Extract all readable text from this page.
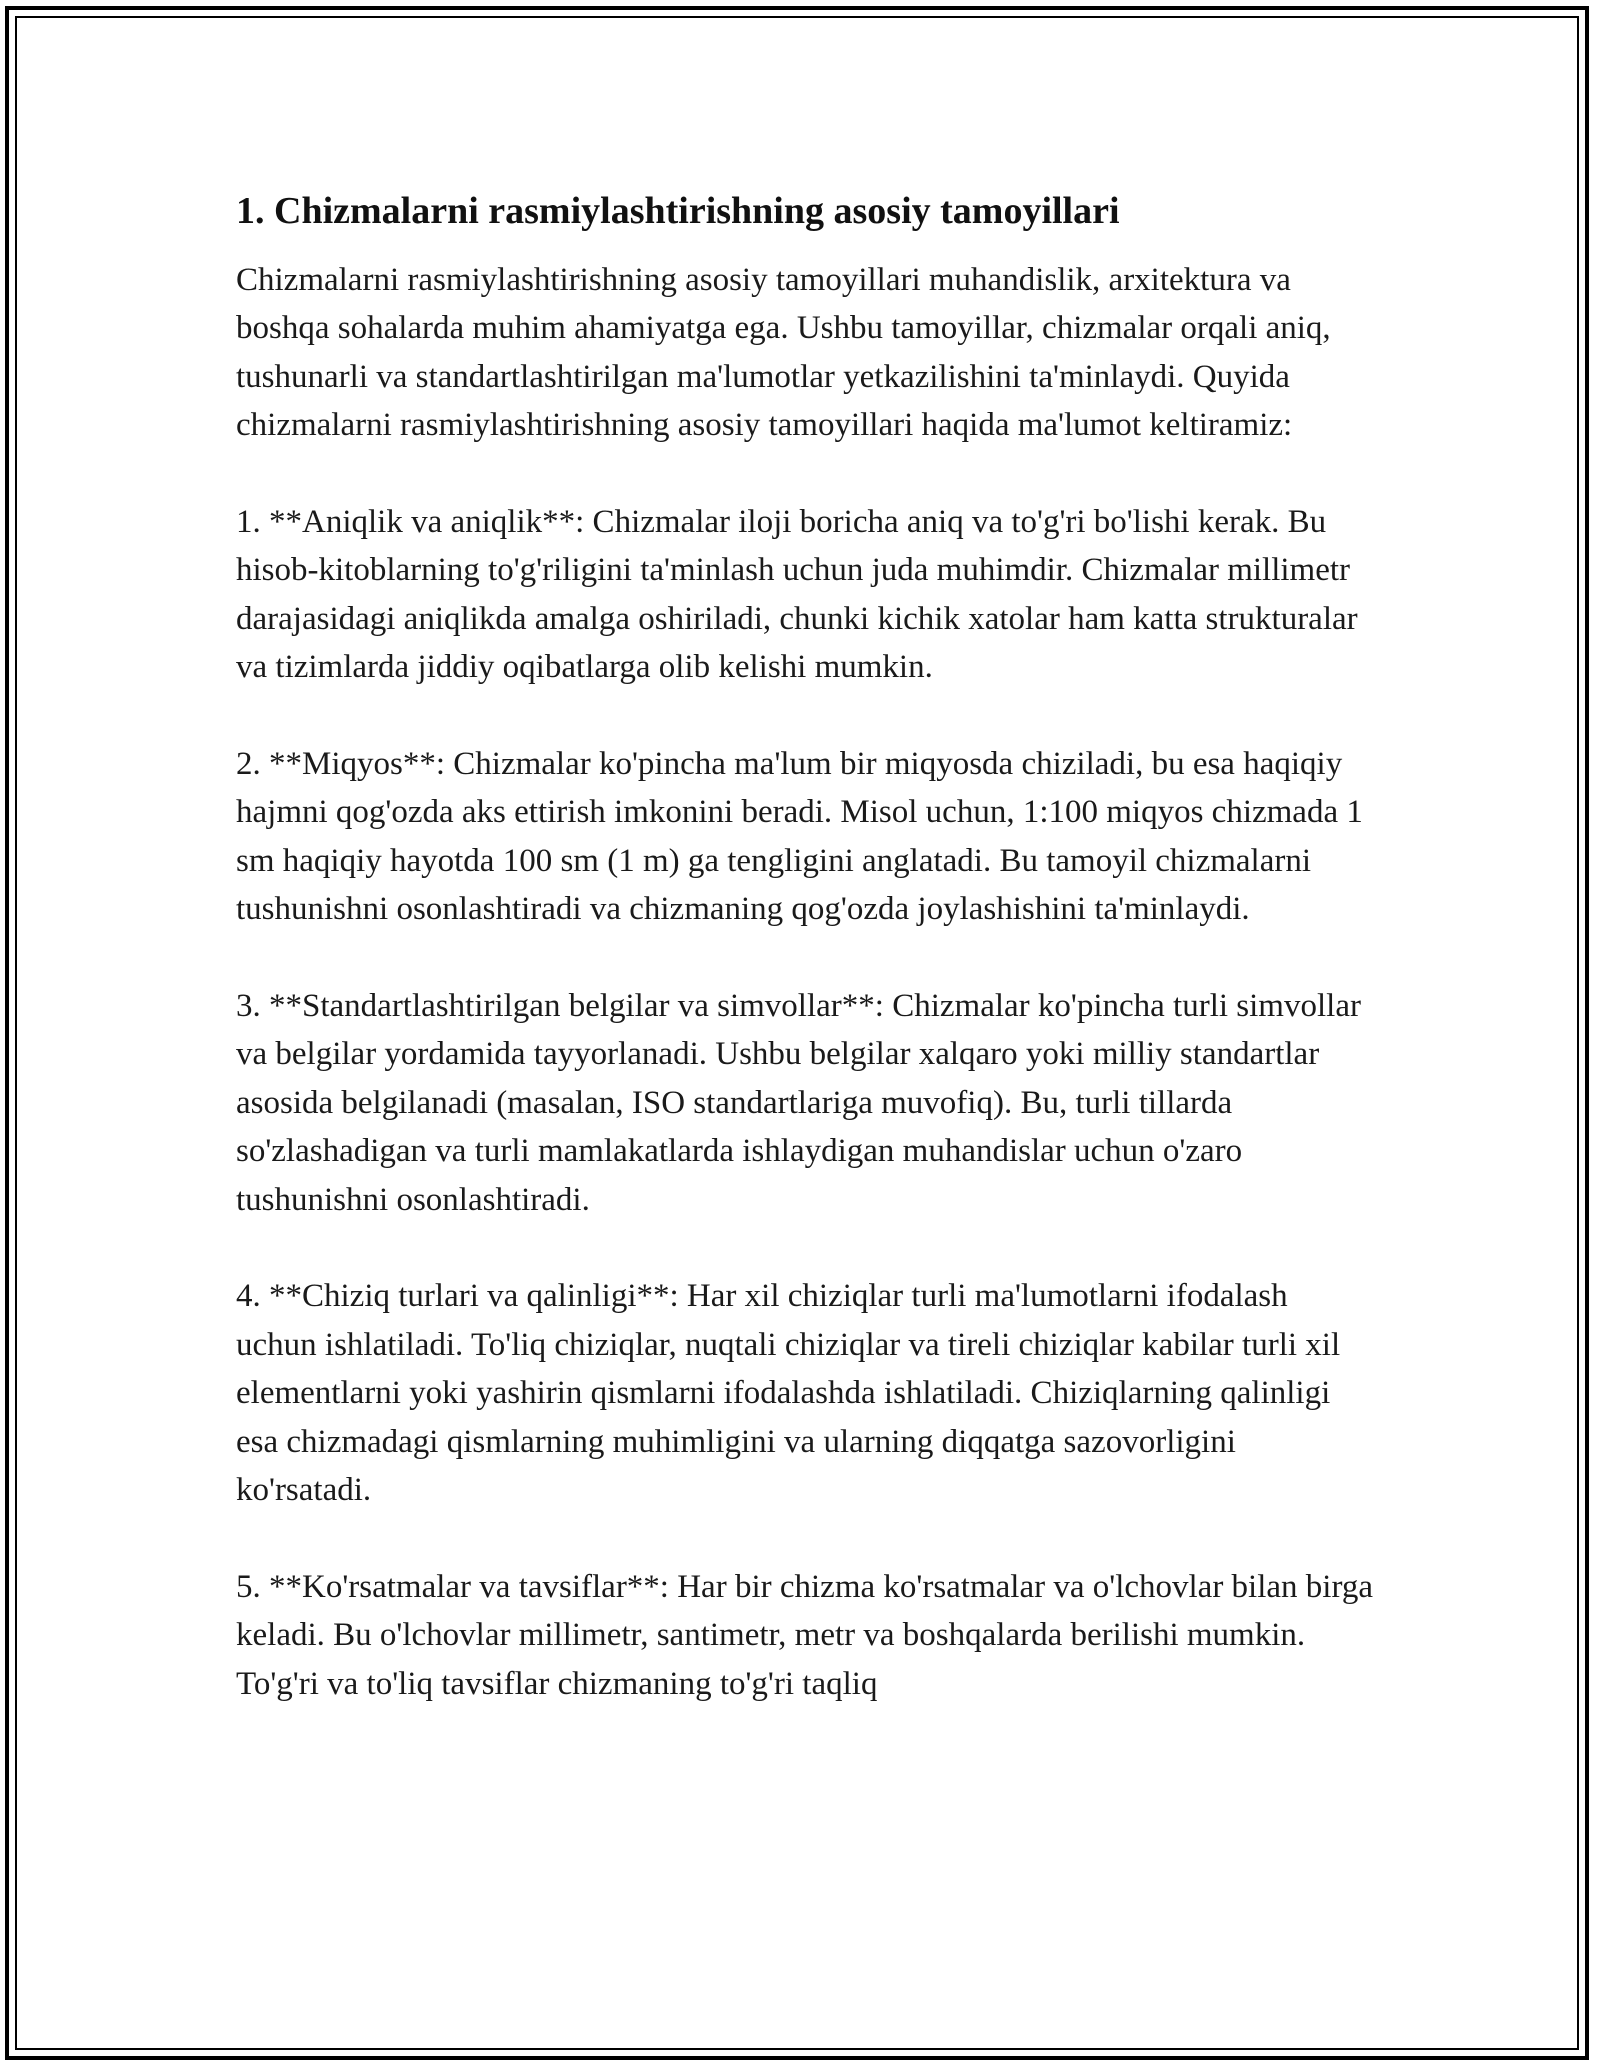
1. Chizmalarni rasmiylashtirishning asosiy tamoyillari

Chizmalarni rasmiylashtirishning asosiy tamoyillari muhandislik, arxitektura va boshqa sohalarda muhim ahamiyatga ega. Ushbu tamoyillar, chizmalar orqali aniq, tushunarli va standartlashtirilgan ma'lumotlar yetkazilishini ta'minlaydi. Quyida chizmalarni rasmiylashtirishning asosiy tamoyillari haqida ma'lumot keltiramiz:

1. **Aniqlik va aniqlik**: Chizmalar iloji boricha aniq va to'g'ri bo'lishi kerak. Bu hisob-kitoblarning to'g'riligini ta'minlash uchun juda muhimdir. Chizmalar millimetr darajasidagi aniqlikda amalga oshiriladi, chunki kichik xatolar ham katta strukturalar va tizimlarda jiddiy oqibatlarga olib kelishi mumkin.

2. **Miqyos**: Chizmalar ko'pincha ma'lum bir miqyosda chiziladi, bu esa haqiqiy hajmni qog'ozda aks ettirish imkonini beradi. Misol uchun, 1:100 miqyos chizmada 1 sm haqiqiy hayotda 100 sm (1 m) ga tengligini anglatadi. Bu tamoyil chizmalarni tushunishni osonlashtiradi va chizmaning qog'ozda joylashishini ta'minlaydi.

3. **Standartlashtirilgan belgilar va simvollar**: Chizmalar ko'pincha turli simvollar va belgilar yordamida tayyorlanadi. Ushbu belgilar xalqaro yoki milliy standartlar asosida belgilanadi (masalan, ISO standartlariga muvofiq). Bu, turli tillarda so'zlashadigan va turli mamlakatlarda ishlaydigan muhandislar uchun o'zaro tushunishni osonlashtiradi.

4. **Chiziq turlari va qalinligi**: Har xil chiziqlar turli ma'lumotlarni ifodalash uchun ishlatiladi. To'liq chiziqlar, nuqtali chiziqlar va tireli chiziqlar kabilar turli xil elementlarni yoki yashirin qismlarni ifodalashda ishlatiladi. Chiziqlarning qalinligi esa chizmadagi qismlarning muhimligini va ularning diqqatga sazovorligini ko'rsatadi.

5. **Ko'rsatmalar va tavsiflar**: Har bir chizma ko'rsatmalar va o'lchovlar bilan birga keladi. Bu o'lchovlar millimetr, santimetr, metr va boshqalarda berilishi mumkin. To'g'ri va to'liq tavsiflar chizmaning to'g'ri taqliq
